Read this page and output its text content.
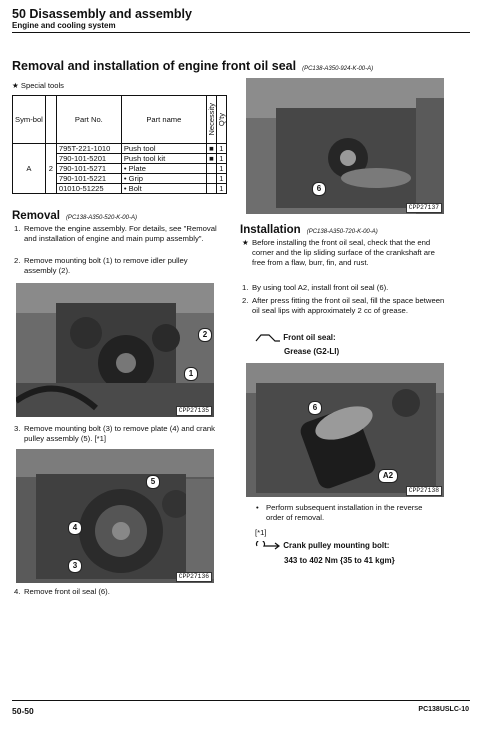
50 Disassembly and assembly
Engine and cooling system
Removal and installation of engine front oil seal (PC138-A350-924-K-00-A)
★ Special tools
Sym-bol		Part No.	Part name	Necessity	Q'ty

A	2	795T-221-1010	Push tool	■	1
		790-101-5201	Push tool kit	■	1
		790-101-5271	• Plate		1
		790-101-5221	• Grip		1
		01010-51225	• Bolt		1
Removal (PC138-A350-520-K-00-A)
1. Remove the engine assembly. For details, see "Removal and installation of engine and main pump assembly".
2. Remove mounting bolt (1) to remove idler pulley assembly (2).
2
1
CPP27135
3. Remove mounting bolt (3) to remove plate (4) and crank pulley assembly (5). [*1]
5
4
3
CPP27136
4. Remove front oil seal (6).
6
CPP27137
Installation (PC138-A350-720-K-00-A)
★ Before installing the front oil seal, check that the end corner and the lip sliding surface of the crankshaft are free from a flaw, burr, fin, and rust.
1. By using tool A2, install front oil seal (6).
2. After press fitting the front oil seal, fill the space between oil seal lips with approximately 2 cc of grease.
Front oil seal:
Grease (G2-LI)
6
A2
CPP27138
• Perform subsequent installation in the reverse order of removal.
[*1]
Crank pulley mounting bolt:
343 to 402 Nm {35 to 41 kgm}
50-50	PC138USLC-10
